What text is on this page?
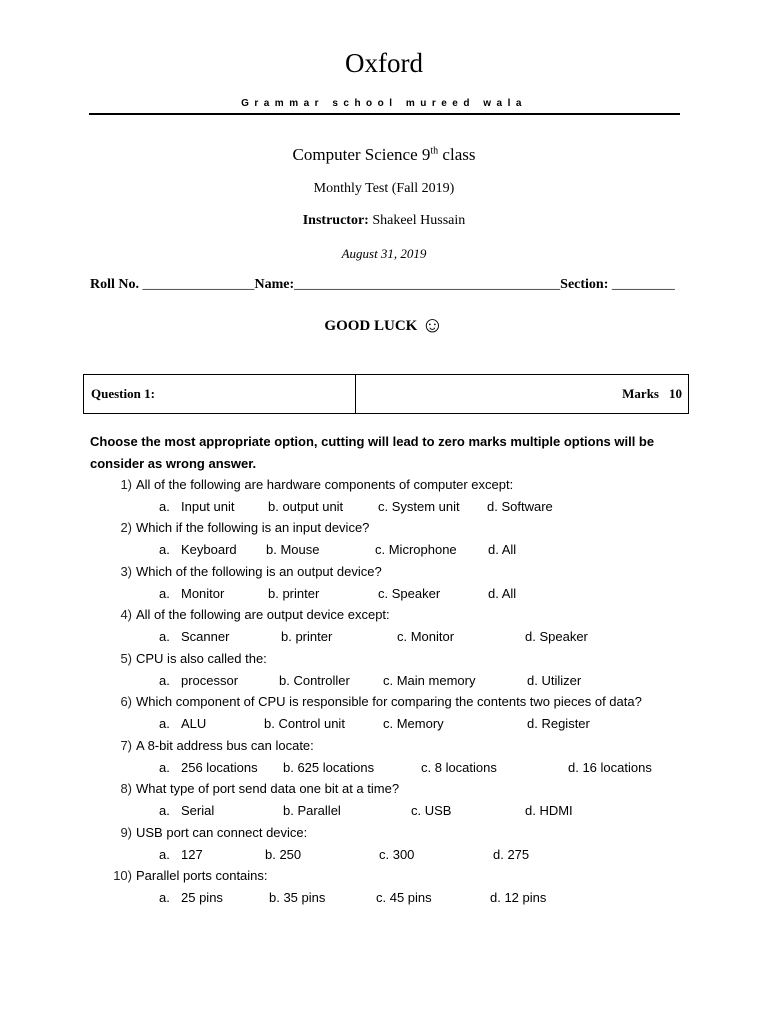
Oxford
Grammar school mureed wala
Computer Science 9th class
Monthly Test (Fall 2019)
Instructor: Shakeel Hussain
August 31, 2019
Roll No. ________________Name:______________________________________Section: _________
GOOD LUCK ☺
Question 1:	Marks 10
Choose the most appropriate option, cutting will lead to zero marks multiple options will be consider as wrong answer.
1) All of the following are hardware components of computer except:
a. Input unit	b. output unit	c. System unit d. Software
2) Which if the following is an input device?
a. Keyboard b. Mouse	c. Microphone d. All
3) Which of the following is an output device?
a. Monitor	b. printer	c. Speaker	d. All
4) All of the following are output device except:
a. Scanner	b. printer	c. Monitor	d. Speaker
5) CPU is also called the:
a. processor	b. Controller	c. Main memory	d. Utilizer
6) Which component of CPU is responsible for comparing the contents two pieces of data?
a. ALU	b. Control unit	c. Memory	d. Register
7) A 8-bit address bus can locate:
a. 256 locations b. 625 locations	c. 8 locations	d. 16 locations
8) What type of port send data one bit at a time?
a. Serial	b. Parallel	c. USB	d. HDMI
9) USB port can connect device:
a. 127	b. 250	c. 300	d. 275
10) Parallel ports contains:
a. 25 pins	b. 35 pins	c. 45 pins	d. 12 pins
